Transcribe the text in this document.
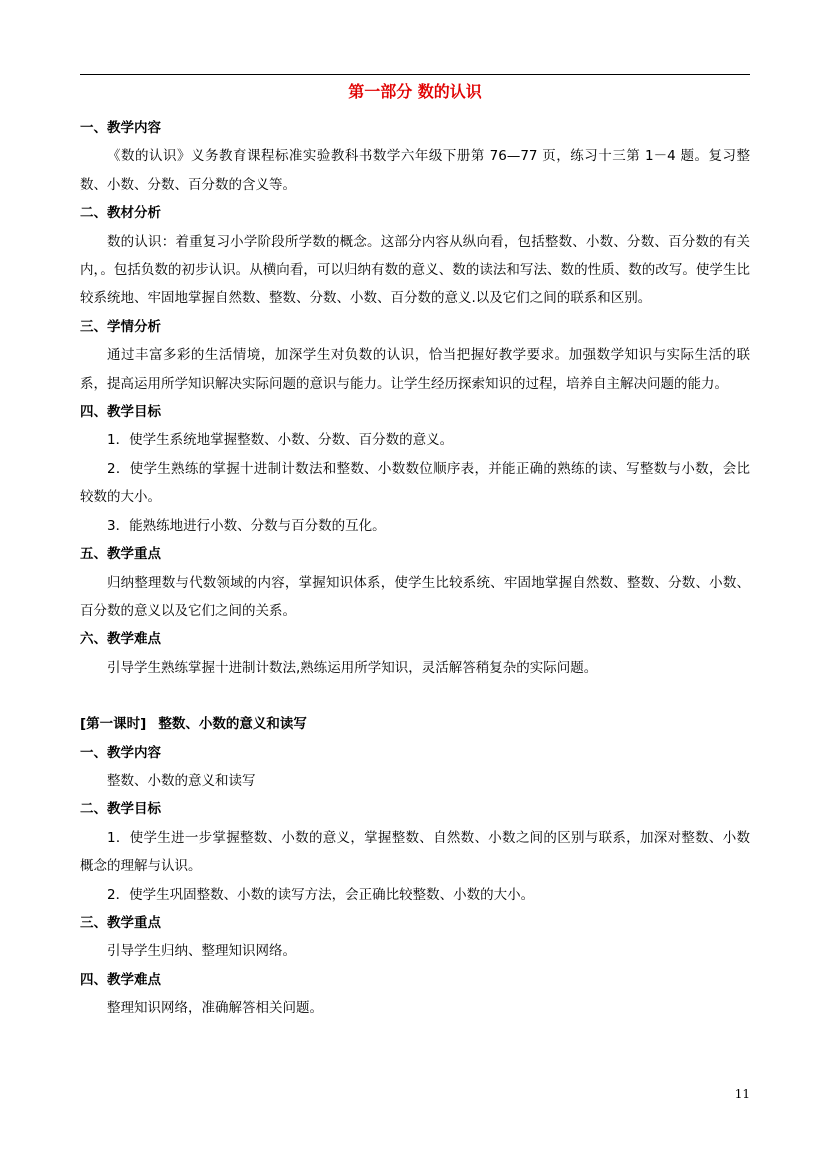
第一部分 数的认识
一、教学内容
《数的认识》义务教育课程标准实验教科书数学六年级下册第 76—77 页，练习十三第 1－4 题。复习整数、小数、分数、百分数的含义等。
二、教材分析
数的认识：着重复习小学阶段所学数的概念。这部分内容从纵向看，包括整数、小数、分数、百分数的有关内，。包括负数的初步认识。从横向看，可以归纳有数的意义、数的读法和写法、数的性质、数的改写。使学生比较系统地、牢固地掌握自然数、整数、分数、小数、百分数的意义.以及它们之间的联系和区别。
三、学情分析
通过丰富多彩的生活情境，加深学生对负数的认识，恰当把握好教学要求。加强数学知识与实际生活的联系，提高运用所学知识解决实际问题的意识与能力。让学生经历探索知识的过程，培养自主解决问题的能力。
四、教学目标
1．使学生系统地掌握整数、小数、分数、百分数的意义。
2．使学生熟练的掌握十进制计数法和整数、小数数位顺序表，并能正确的熟练的读、写整数与小数，会比较数的大小。
3．能熟练地进行小数、分数与百分数的互化。
五、教学重点
归纳整理数与代数领域的内容，掌握知识体系，使学生比较系统、牢固地掌握自然数、整数、分数、小数、百分数的意义以及它们之间的关系。
六、教学难点
引导学生熟练掌握十进制计数法,熟练运用所学知识，灵活解答稍复杂的实际问题。
[第一课时] 整数、小数的意义和读写
一、教学内容
整数、小数的意义和读写
二、教学目标
1．使学生进一步掌握整数、小数的意义，掌握整数、自然数、小数之间的区别与联系，加深对整数、小数概念的理解与认识。
2．使学生巩固整数、小数的读写方法，会正确比较整数、小数的大小。
三、教学重点
引导学生归纳、整理知识网络。
四、教学难点
整理知识网络，准确解答相关问题。
11
